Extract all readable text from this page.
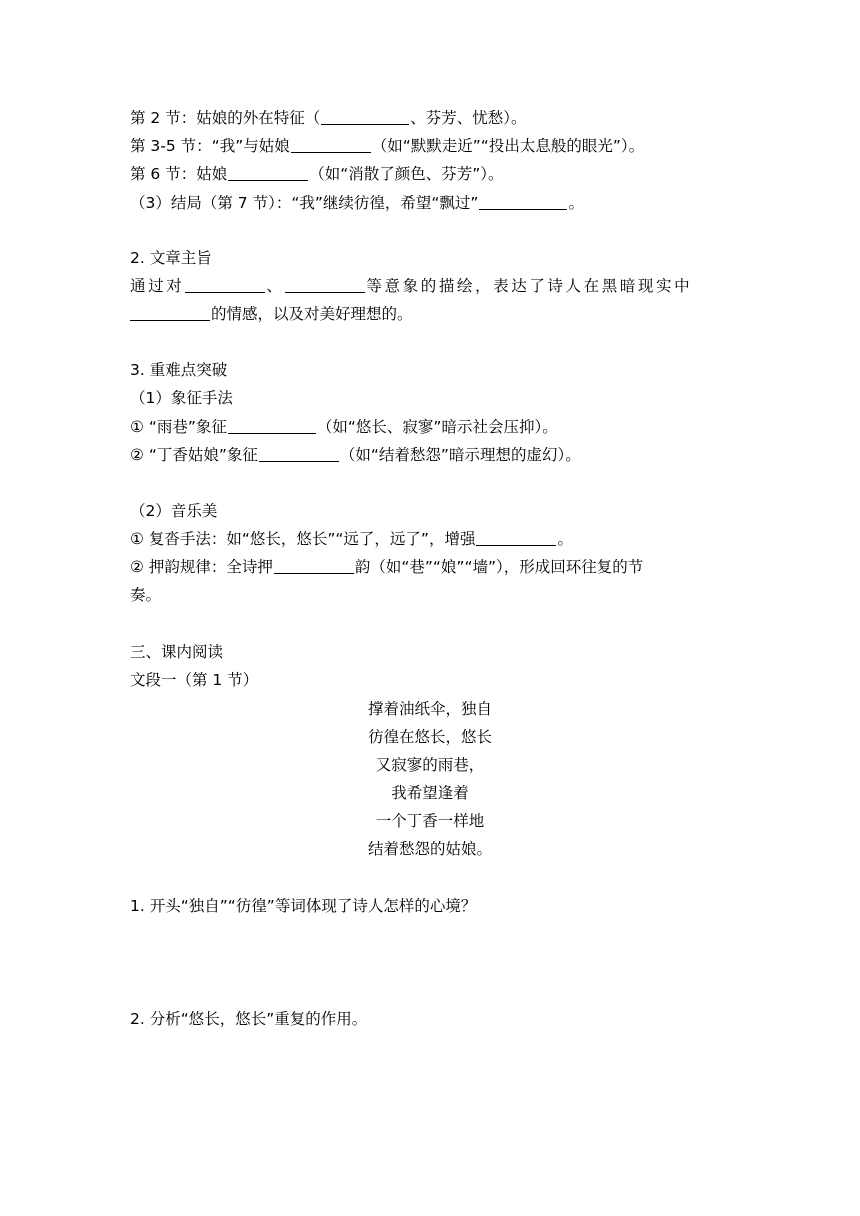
第 2 节：姑娘的外在特征（	、芬芳、忧愁）。
第 3-5 节：“我”与姑娘	（如“默默走近”“投出太息般的眼光”）。
第 6 节：姑娘	（如“消散了颜色、芬芳”）。
（3）结局（第 7 节）：“我”继续彷徨，希望“飘过”	。
2. 文章主旨
通过对	、	等意象的描绘，表达了诗人在黑暗现实中
的情感，以及对美好理想的。
3. 重难点突破
（1）象征手法
① “雨巷”象征	（如“悠长、寂寥”暗示社会压抑）。
② “丁香姑娘”象征	（如“结着愁怨”暗示理想的虚幻）。
（2）音乐美
① 复沓手法：如“悠长，悠长”“远了，远了”，增强	。
② 押韵规律：全诗押	韵（如“巷”“娘”“墙”），形成回环往复的节
奏。
三、课内阅读
文段一（第 1 节）
撑着油纸伞，独自
彷徨在悠长，悠长
又寂寥的雨巷，
我希望逢着
一个丁香一样地
结着愁怨的姑娘。
1. 开头“独自”“彷徨”等词体现了诗人怎样的心境？
2. 分析“悠长，悠长”重复的作用。
